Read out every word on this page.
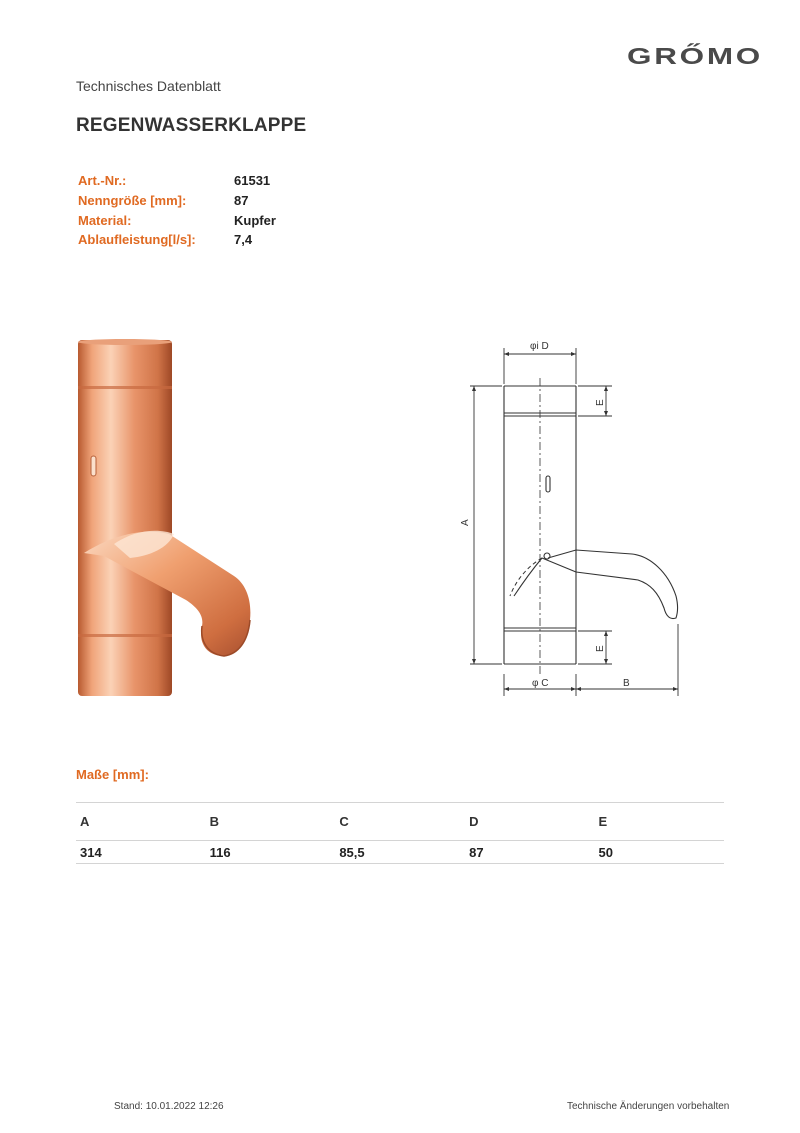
GRŐMO
Technisches Datenblatt
REGENWASSERKLAPPE
Art.-Nr.:	61531
Nenngröße [mm]:	87
Material:	Kupfer
Ablaufleistung[l/s]:	7,4
φi D
φ C	B
A
E
E
Maße [mm]:
A	B	C	D	E
314	116	85,5	87	50
Stand: 10.01.2022 12:26	Technische Änderungen vorbehalten
